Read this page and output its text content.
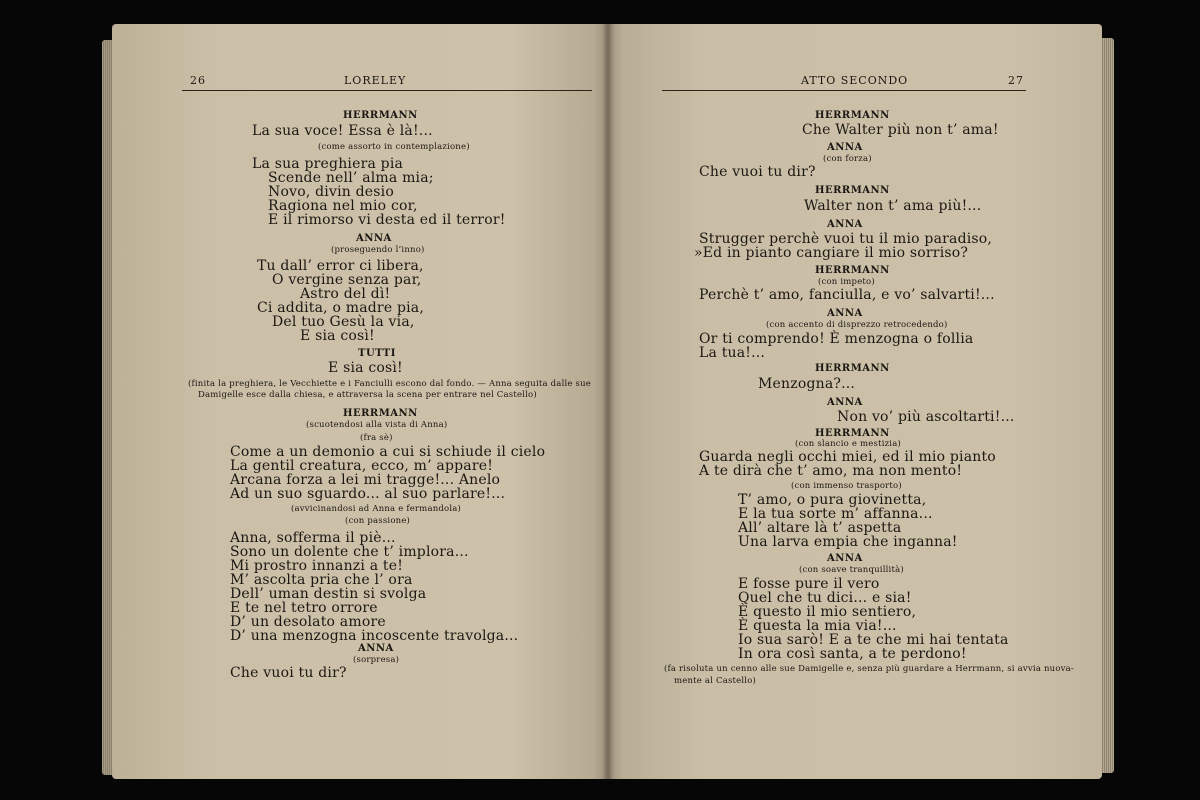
26	LORELEY
HERRMANN
La sua voce! Essa è là!...
(come assorto in contemplazione)
La sua preghiera pia
Scende nell’ alma mia;
Novo, divin desio
Ragiona nel mio cor,
E il rimorso vi desta ed il terror!
ANNA
(proseguendo l’inno)
Tu dall’ error ci libera,
O vergine senza par,
Astro del dì!
Ci addita, o madre pia,
Del tuo Gesù la via,
E sia così!
TUTTI
E sia così!
(finita la preghiera, le Vecchiette e i Fanciulli escono dal fondo. — Anna seguita dalle sue
Damigelle esce dalla chiesa, e attraversa la scena per entrare nel Castello)
HERRMANN
(scuotendosi alla vista di Anna)
(fra sè)
Come a un demonio a cui si schiude il cielo
La gentil creatura, ecco, m’ appare!
Arcana forza a lei mi tragge!... Anelo
Ad un suo sguardo... al suo parlare!...
(avvicinandosi ad Anna e fermandola)
(con passione)
Anna, sofferma il piè...
Sono un dolente che t’ implora...
Mi prostro innanzi a te!
M’ ascolta pria che l’ ora
Dell’ uman destin si svolga
E te nel tetro orrore
D’ un desolato amore
D’ una menzogna incoscente travolga...
ANNA
(sorpresa)
Che vuoi tu dir?
ATTO SECONDO	27
HERRMANN
Che Walter più non t’ ama!
ANNA
(con forza)
Che vuoi tu dir?
HERRMANN
Walter non t’ ama più!...
ANNA
Strugger perchè vuoi tu il mio paradiso,
»Ed in pianto cangiare il mio sorriso?
HERRMANN
(con impeto)
Perchè t’ amo, fanciulla, e vo’ salvarti!...
ANNA
(con accento di disprezzo retrocedendo)
Or ti comprendo! È menzogna o follia
La tua!...
HERRMANN
Menzogna?...
ANNA
Non vo’ più ascoltarti!...
HERRMANN
(con slancio e mestizia)
Guarda negli occhi miei, ed il mio pianto
A te dirà che t’ amo, ma non mento!
(con immenso trasporto)
T’ amo, o pura giovinetta,
E la tua sorte m’ affanna...
All’ altare là t’ aspetta
Una larva empia che inganna!
ANNA
(con soave tranquillità)
E fosse pure il vero
Quel che tu dici... e sia!
È questo il mio sentiero,
È questa la mia via!...
Io sua sarò! E a te che mi hai tentata
In ora così santa, a te perdono!
(fa risoluta un cenno alle sue Damigelle e, senza più guardare a Herrmann, si avvia nuova-
mente al Castello)
